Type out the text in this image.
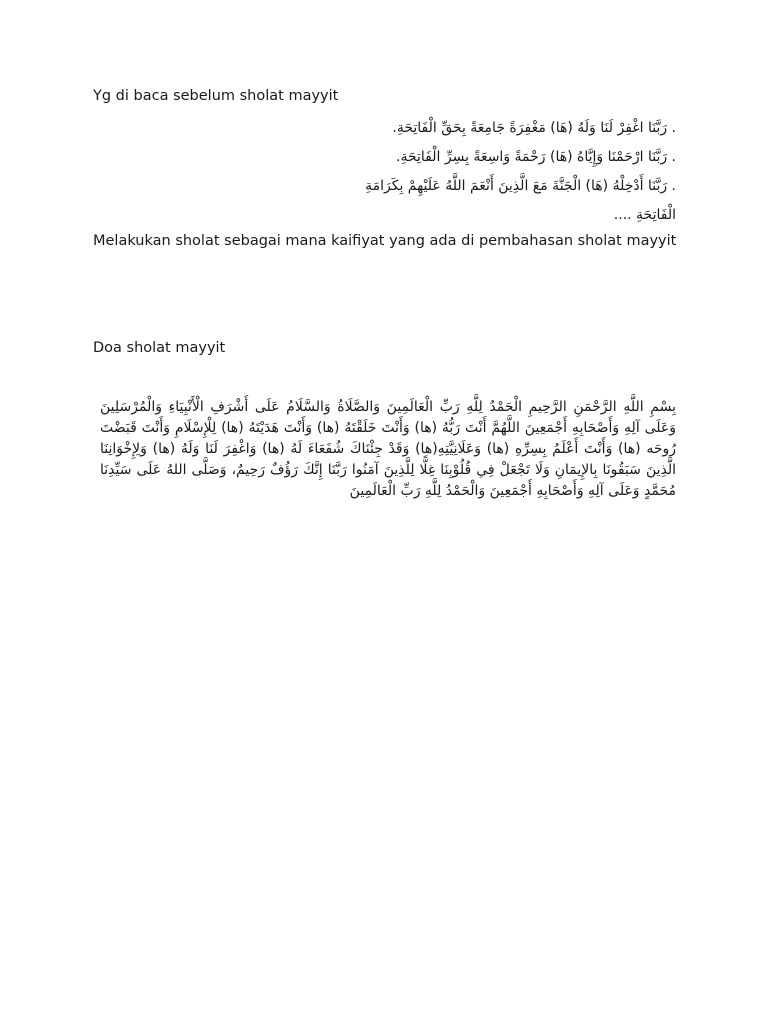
Yg di baca sebelum sholat mayyit

. رَبَّنَا اغْفِرْ لَنَا وَلَهُ (هَا) مَغْفِرَةً جَامِعَةً بِحَقِّ الْفَاتِحَةِ.

. رَبَّنَا ارْحَمْنَا وَإِيَّاهُ (هَا) رَحْمَةً وَاسِعَةً بِسِرِّ الْفَاتِحَةِ.

. رَبَّنَا أَدْخِلْهُ (هَا) الْجَنَّةَ مَعَ الَّذِينَ أَنْعَمَ اللَّهُ عَلَيْهِمْ بِكَرَامَةِ

الْفَاتِحَةِ ....

Melakukan sholat sebagai mana kaifiyat yang ada di pembahasan sholat mayyit
Doa sholat mayyit
بِسْمِ اللَّهِ الرَّحْمَنِ الرَّحِيمِ الْحَمْدُ لِلَّهِ رَبِّ الْعَالَمِينَ وَالصَّلَاةُ وَالسَّلَامُ عَلَى أَشْرَفِ الْأَنْبِيَاءِ وَالْمُرْسَلِينَ وَعَلَى آلِهِ وَأَصْحَابِهِ أَجْمَعِينَ اللَّهُمَّ أَنْتَ رَبُّهُ (ها) وَأَنْتَ خَلَقْتَهُ (ها) وَأَنْتَ هَدَيْتَهُ (ها) لِلْإِسْلَامِ وَأَنْتَ قَبَضْتَ رُوحَه (ها) وَأَنْتَ أَعْلَمُ بِسِرِّهِ (ها) وَعَلَانِيَّتِهِ(ها) وَقَدْ جِئْنَاكَ شُفَعَاءَ لَهُ (ها) وَاغْفِرَ لَنَا وَلَهُ (ها) وَلِإِخْوَانِنَا الَّذِينَ سَبَقُونَا بِالإِيمَانِ وَلَا تَجْعَلْ فِي قُلُوْبِنَا غِلًّا لِلَّذِينَ آمَنُوا رَبَّنَا إِنَّكَ رَؤُفٌ رَحِيمٌ، وَصَلَّى اللهُ عَلَى سَيِّدِنَا مُحَمَّدٍ وَعَلَى آلِهِ وَأَصْحَابِهِ أَجْمَعِينَ وَالْحَمْدُ لِلَّهِ رَبِّ الْعَالَمِينَ
